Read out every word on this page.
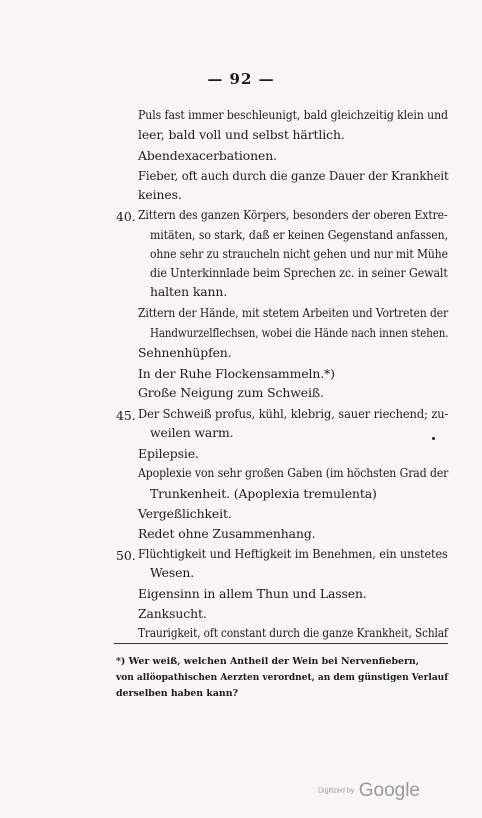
— 92 —
Puls fast immer beschleunigt, bald gleichzeitig klein und
leer, bald voll und selbst härtlich.
Abendexacerbationen.
Fieber, oft auch durch die ganze Dauer der Krankheit
keines.
40. Zittern des ganzen Körpers, besonders der oberen Extre-
mitäten, so stark, daß er keinen Gegenstand anfassen,
ohne sehr zu straucheln nicht gehen und nur mit Mühe
die Unterkinnlade beim Sprechen zc. in seiner Gewalt
halten kann.
Zittern der Hände, mit stetem Arbeiten und Vortreten der
Handwurzelflechsen, wobei die Hände nach innen stehen.
Sehnenhüpfen.
In der Ruhe Flockensammeln.*)
Große Neigung zum Schweiß.
45. Der Schweiß profus, kühl, klebrig, sauer riechend; zu-
weilen warm.
Epilepsie.
Apoplexie von sehr großen Gaben (im höchsten Grad der
Trunkenheit. (Apoplexia tremulenta)
Vergeßlichkeit.
Redet ohne Zusammenhang.
50. Flüchtigkeit und Heftigkeit im Benehmen, ein unstetes
Wesen.
Eigensinn in allem Thun und Lassen.
Zanksucht.
Traurigkeit, oft constant durch die ganze Krankheit, Schlaf
*) Wer weiß, welchen Antheil der Wein bei Nervenfiebern,
von allöopathischen Aerzten verordnet, an dem günstigen Verlauf
derselben haben kann?
Digitized by Google
